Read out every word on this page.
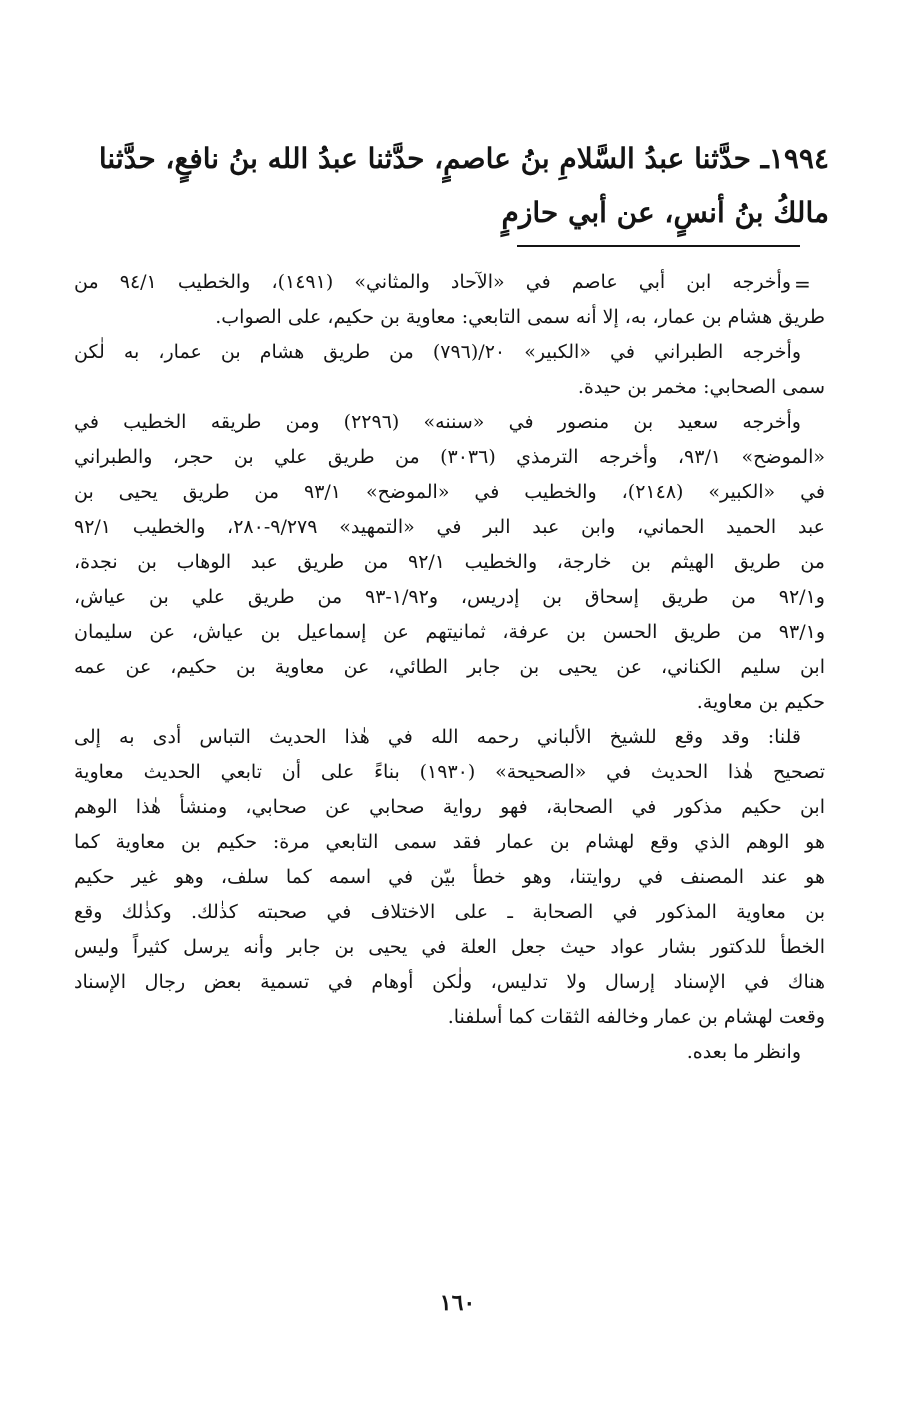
١٩٩٤ـ حدَّثنا عبدُ السَّلامِ بنُ عاصمٍ، حدَّثنا عبدُ الله بنُ نافعٍ، حدَّثنا
مالكُ بنُ أنسٍ، عن أبي حازمٍ
=
وأخرجه ابن أبي عاصم في «الآحاد والمثاني» (١٤٩١)، والخطيب ٩٤/١ من
طريق هشام بن عمار، به، إلا أنه سمى التابعي: معاوية بن حكيم، على الصواب.
وأخرجه الطبراني في «الكبير» ٢٠/(٧٩٦) من طريق هشام بن عمار، به لٰكن
سمى الصحابي: مخمر بن حيدة.
وأخرجه سعيد بن منصور في «سننه» (٢٢٩٦) ومن طريقه الخطيب في
«الموضح» ٩٣/١، وأخرجه الترمذي (٣٠٣٦) من طريق علي بن حجر، والطبراني
في «الكبير» (٢١٤٨)، والخطيب في «الموضح» ٩٣/١ من طريق يحيى بن
عبد الحميد الحماني، وابن عبد البر في «التمهيد» ٩/٢٧٩-٢٨٠، والخطيب ٩٢/١
من طريق الهيثم بن خارجة، والخطيب ٩٢/١ من طريق عبد الوهاب بن نجدة،
و٩٢/١ من طريق إسحاق بن إدريس، و١/٩٢-٩٣ من طريق علي بن عياش،
و٩٣/١ من طريق الحسن بن عرفة، ثمانيتهم عن إسماعيل بن عياش، عن سليمان
ابن سليم الكناني، عن يحيى بن جابر الطائي، عن معاوية بن حكيم، عن عمه
حكيم بن معاوية.
قلنا: وقد وقع للشيخ الألباني رحمه الله في هٰذا الحديث التباس أدى به إلى
تصحيح هٰذا الحديث في «الصحيحة» (١٩٣٠) بناءً على أن تابعي الحديث معاوية
ابن حكيم مذكور في الصحابة، فهو رواية صحابي عن صحابي، ومنشأ هٰذا الوهم
هو الوهم الذي وقع لهشام بن عمار فقد سمى التابعي مرة: حكيم بن معاوية كما
هو عند المصنف في روايتنا، وهو خطأ بيّن في اسمه كما سلف، وهو غير حكيم
بن معاوية المذكور في الصحابة ـ على الاختلاف في صحبته كذٰلك. وكذٰلك وقع
الخطأ للدكتور بشار عواد حيث جعل العلة في يحيى بن جابر وأنه يرسل كثيراً وليس
هناك في الإسناد إرسال ولا تدليس، ولٰكن أوهام في تسمية بعض رجال الإسناد
وقعت لهشام بن عمار وخالفه الثقات كما أسلفنا.
وانظر ما بعده.
١٦٠
